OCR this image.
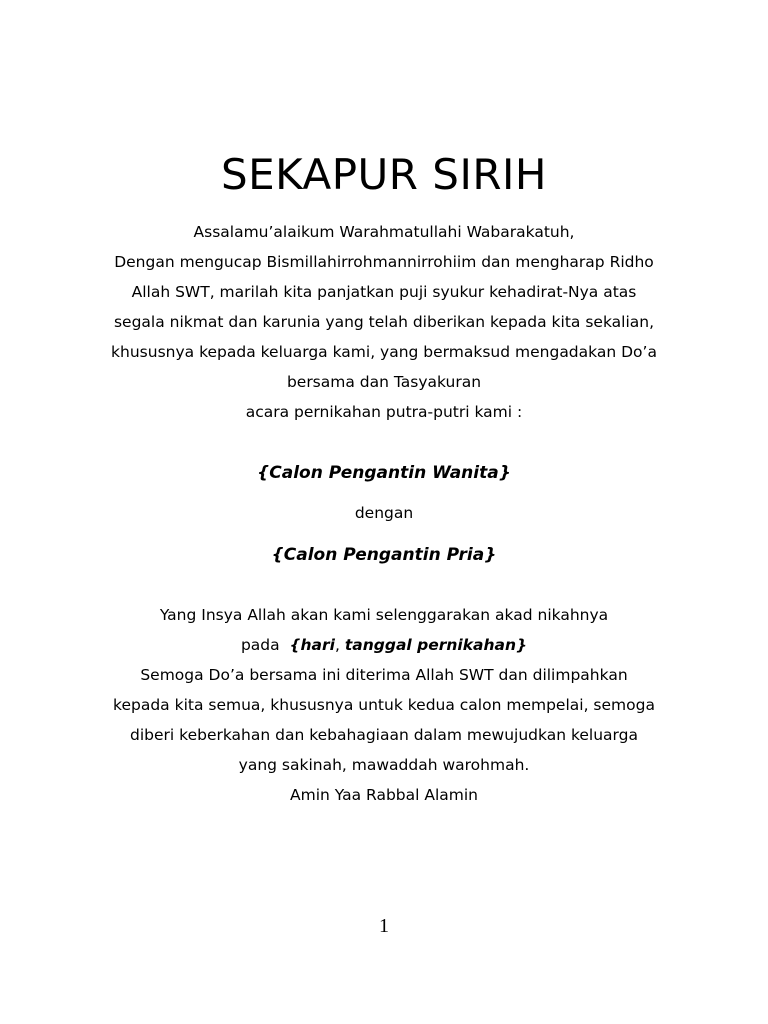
SEKAPUR SIRIH

Assalamu’alaikum Warahmatullahi Wabarakatuh,

Dengan mengucap Bismillahirrohmannirrohiim dan mengharap Ridho

Allah SWT, marilah kita panjatkan puji syukur kehadirat-Nya atas

segala nikmat dan karunia yang telah diberikan kepada kita sekalian,

khususnya kepada keluarga kami, yang bermaksud mengadakan Do’a

bersama dan Tasyakuran

acara pernikahan putra-putri kami :

{Calon Pengantin Wanita}
dengan
{Calon Pengantin Pria}

Yang Insya Allah akan kami selenggarakan akad nikahnya

pada {hari, tanggal pernikahan}

Semoga Do’a bersama ini diterima Allah SWT dan dilimpahkan

kepada kita semua, khususnya untuk kedua calon mempelai, semoga

diberi keberkahan dan kebahagiaan dalam mewujudkan keluarga

yang sakinah, mawaddah warohmah.

Amin Yaa Rabbal Alamin

1
